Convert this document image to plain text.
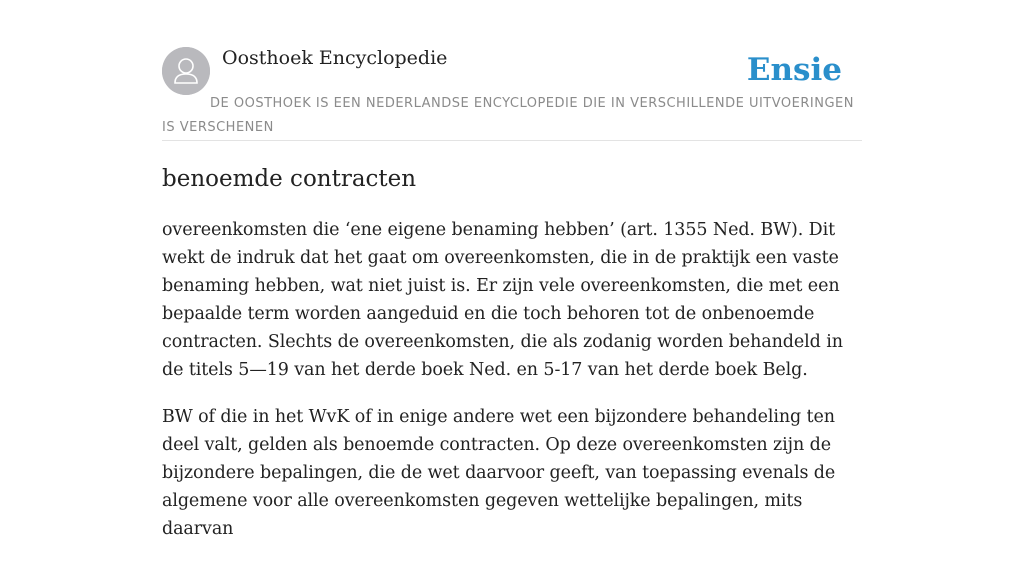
Oosthoek Encyclopedie	Ensie
DE OOSTHOEK IS EEN NEDERLANDSE ENCYCLOPEDIE DIE IN VERSCHILLENDE UITVOERINGEN IS VERSCHENEN
benoemde contracten

overeenkomsten die ‘ene eigene benaming hebben’ (art. 1355 Ned. BW). Dit wekt de indruk dat het gaat om overeenkomsten, die in de praktijk een vaste benaming hebben, wat niet juist is. Er zijn vele overeenkomsten, die met een bepaalde term worden aangeduid en die toch behoren tot de onbenoemde contracten. Slechts de overeenkomsten, die als zodanig worden behandeld in de titels 5—19 van het derde boek Ned. en 5-17 van het derde boek Belg.

BW of die in het WvK of in enige andere wet een bijzondere behandeling ten deel valt, gelden als benoemde contracten. Op deze overeenkomsten zijn de bijzondere bepalingen, die de wet daarvoor geeft, van toepassing evenals de algemene voor alle overeenkomsten gegeven wettelijke bepalingen, mits daarvan
